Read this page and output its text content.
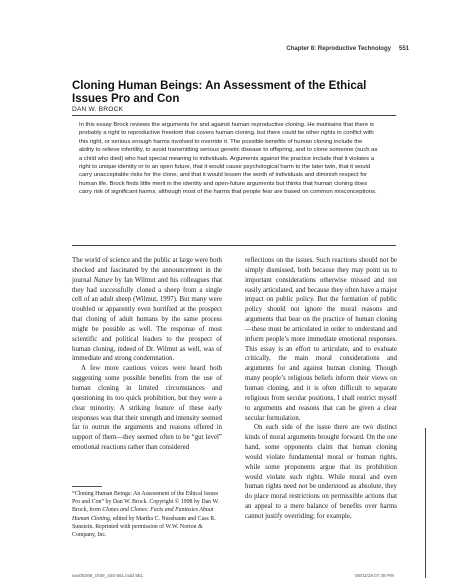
Chapter 8: Reproductive Technology 551
Cloning Human Beings: An Assessment of the Ethical Issues Pro and Con
DAN W. BROCK
In this essay Brock reviews the arguments for and against human reproductive cloning. He maintains that there is probably a right to reproductive freedom that covers human cloning, but there could be other rights in conflict with this right, or serious enough harms involved to override it. The possible benefits of human cloning include the ability to relieve infertility, to avoid transmitting serious genetic disease to offspring, and to clone someone (such as a child who died) who had special meaning to individuals. Arguments against the practice include that it violates a right to unique identity or to an open future, that it would cause psychological harm to the later twin, that it would carry unacceptable risks for the clone, and that it would lessen the worth of individuals and diminish respect for human life. Brock finds little merit in the identity and open-future arguments but thinks that human cloning does carry risk of significant harms, although most of the harms that people fear are based on common misconceptions.

The world of science and the public at large were both shocked and fascinated by the announcement in the journal Nature by Ian Wilmut and his colleagues that they had successfully cloned a sheep from a single cell of an adult sheep (Wilmut, 1997). But many were troubled or apparently even horrified at the prospect that cloning of adult humans by the same process might be possible as well. The response of most scientific and political leaders to the prospect of human cloning, indeed of Dr. Wilmut as well, was of immediate and strong condemnation.

A few more cautious voices were heard both suggesting some possible benefits from the use of human cloning in limited circumstances and questioning its too quick prohibition, but they were a clear minority. A striking feature of these early responses was that their strength and intensity seemed far to outrun the arguments and reasons offered in support of them—they seemed often to be “gut level” emotional reactions rather than considered

reflections on the issues. Such reactions should not be simply dismissed, both because they may point us to important considerations otherwise missed and not easily articulated, and because they often have a major impact on public policy. But the formation of public policy should not ignore the moral reasons and arguments that bear on the practice of human cloning—these must be articulated in order to understand and inform people’s more immediate emotional responses. This essay is an effort to articulate, and to evaluate critically, the main moral considerations and arguments for and against human cloning. Though many people’s religious beliefs inform their views on human cloning, and it is often difficult to separate religious from secular positions, I shall restrict myself to arguments and reasons that can be given a clear secular formulation.

On each side of the issue there are two distinct kinds of moral arguments brought forward. On the one hand, some opponents claim that human cloning would violate fundamental moral or human rights, while some proponents argue that its prohibition would violate such rights. While moral and even human rights need not be understood as absolute, they do place moral restrictions on permissible actions that an appeal to a mere balance of benefits over harms cannot justify overriding; for example,

“Cloning Human Beings: An Assessment of the Ethical Issues Pro and Con” by Dan W. Brock. Copyright © 1998 by Dan W. Brock, from Clones and Clones: Facts and Fantasies About Human Cloning, edited by Martha C. Nussbaum and Cass R. Sunstein. Reprinted with permission of W.W. Norton & Company, Inc.
vau05268_ch08_445-561.indd 551	05/02/19 07:48 PM
